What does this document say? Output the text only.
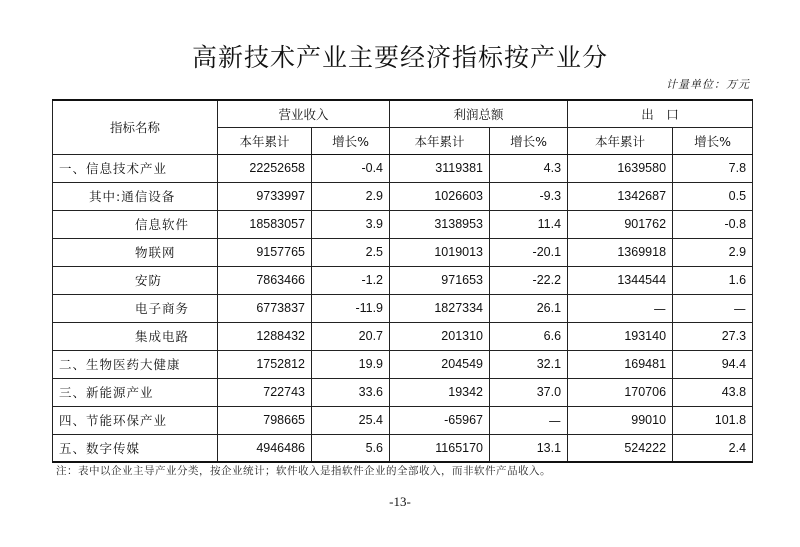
高新技术产业主要经济指标按产业分
计量单位：万元
指标名称	营业收入		利润总额		出　口	
	本年累计	增长%	本年累计	增长%	本年累计	增长%
一、信息技术产业	22252658	-0.4	3119381	4.3	1639580	7.8
其中:通信设备	9733997	2.9	1026603	-9.3	1342687	0.5
信息软件	18583057	3.9	3138953	11.4	901762	-0.8
物联网	9157765	2.5	1019013	-20.1	1369918	2.9
安防	7863466	-1.2	971653	-22.2	1344544	1.6
电子商务	6773837	-11.9	1827334	26.1	—	—
集成电路	1288432	20.7	201310	6.6	193140	27.3
二、生物医药大健康	1752812	19.9	204549	32.1	169481	94.4
三、新能源产业	722743	33.6	19342	37.0	170706	43.8
四、节能环保产业	798665	25.4	-65967	—	99010	101.8
五、数字传媒	4946486	5.6	1165170	13.1	524222	2.4
注：表中以企业主导产业分类，按企业统计；软件收入是指软件企业的全部收入，而非软件产品收入。
-13-
